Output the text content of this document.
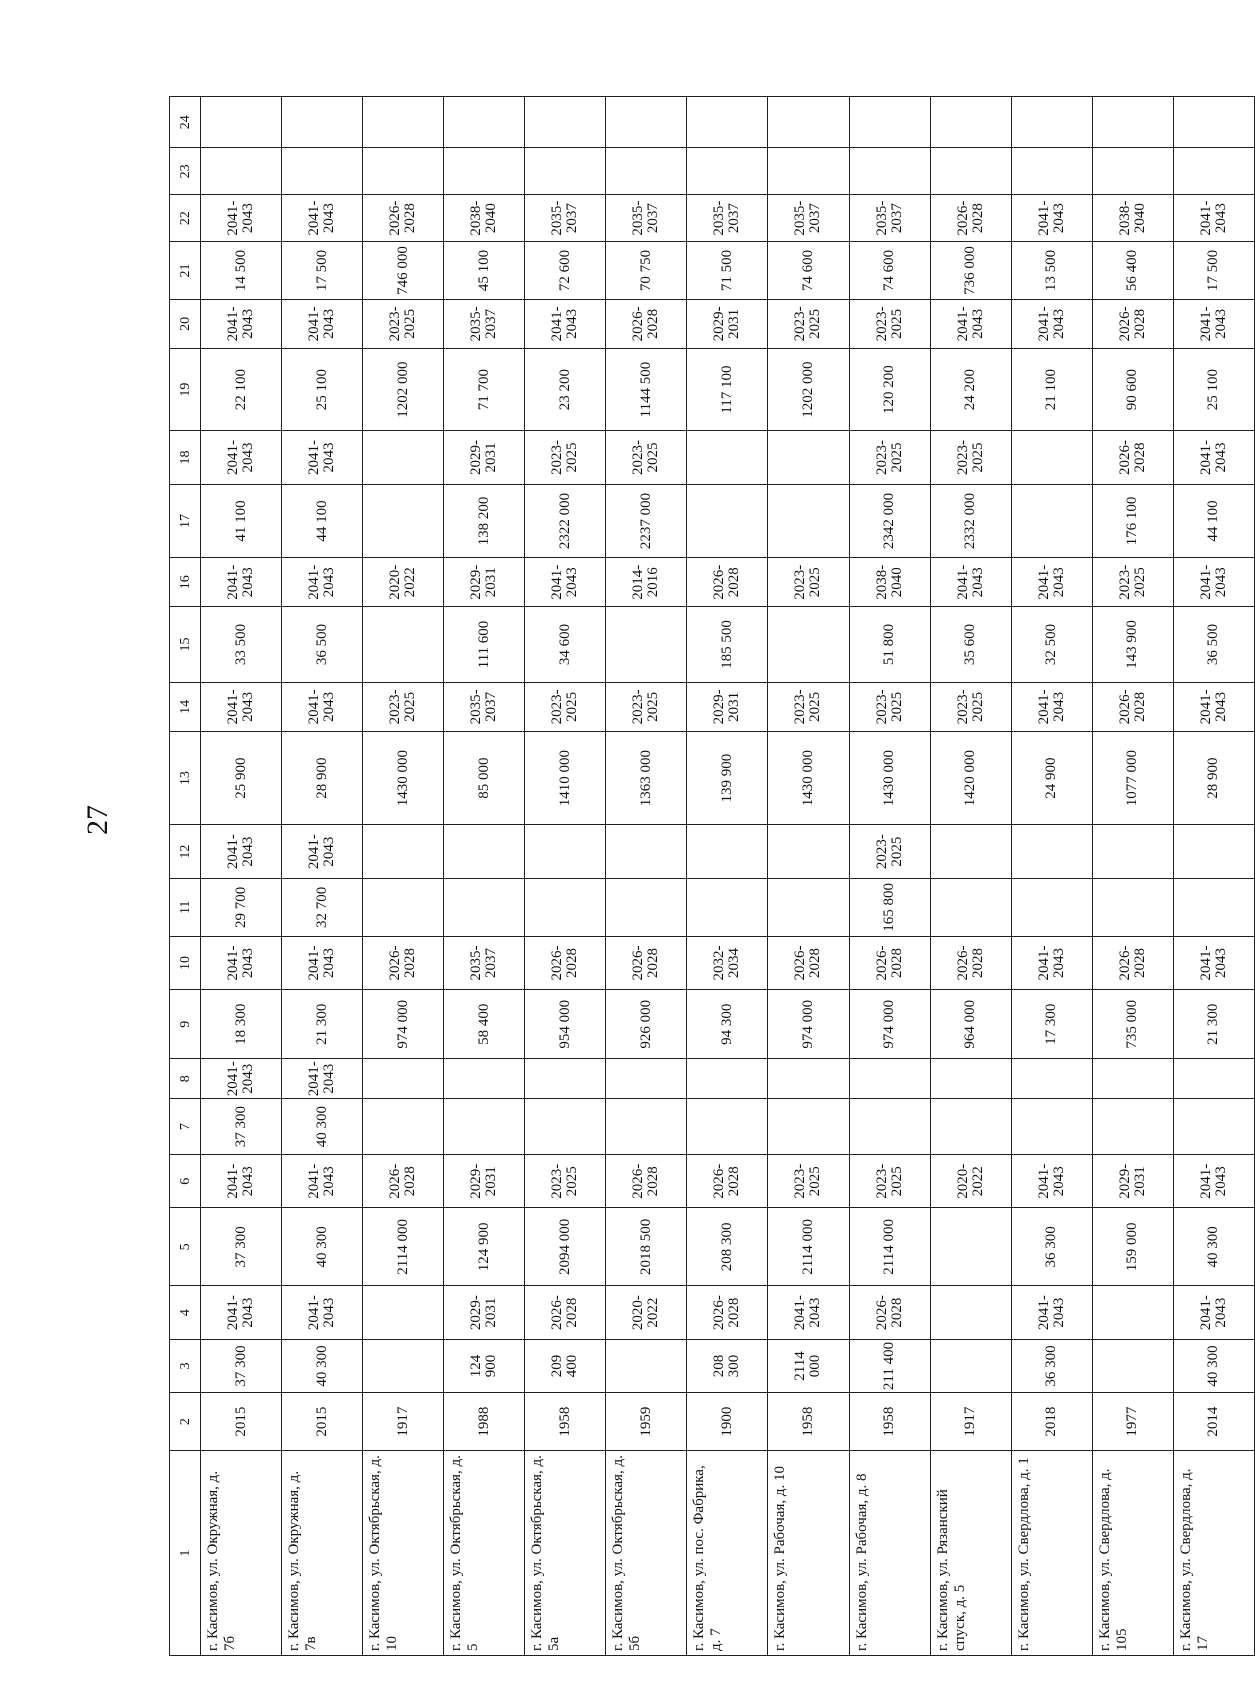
27
1	2	3	4	5	6	7	8	9	10	11	12	13	14	15	16	17	18	19	20	21	22	23	24
г. Касимов, ул. Окружная, д. 7б	2015	37 300	2041-2043	37 300	2041-2043	37 300	2041-2043	18 300	2041-2043	29 700	2041-2043	25 900	2041-2043	33 500	2041-2043	41 100	2041-2043	22 100	2041-2043	14 500	2041-2043		
г. Касимов, ул. Окружная, д. 7в	2015	40 300	2041-2043	40 300	2041-2043	40 300	2041-2043	21 300	2041-2043	32 700	2041-2043	28 900	2041-2043	36 500	2041-2043	44 100	2041-2043	25 100	2041-2043	17 500	2041-2043		
г. Касимов, ул. Октябрьская, д. 10	1917			2114 000	2026-2028			974 000	2026-2028			1430 000	2023-2025		2020-2022			1202 000	2023-2025	746 000	2026-2028		
г. Касимов, ул. Октябрьская, д. 5	1988	124 900	2029-2031	124 900	2029-2031			58 400	2035-2037			85 000	2035-2037	111 600	2029-2031	138 200	2029-2031	71 700	2035-2037	45 100	2038-2040		
г. Касимов, ул. Октябрьская, д. 5а	1958	209 400	2026-2028	2094 000	2023-2025			954 000	2026-2028			1410 000	2023-2025	34 600	2041-2043	2322 000	2023-2025	23 200	2041-2043	72 600	2035-2037		
г. Касимов, ул. Октябрьская, д. 5б	1959		2020-2022	2018 500	2026-2028			926 000	2026-2028			1363 000	2023-2025		2014-2016	2237 000	2023-2025	1144 500	2026-2028	70 750	2035-2037		
г. Касимов, ул. пос. Фабрика, д. 7	1900	208 300	2026-2028	208 300	2026-2028			94 300	2032-2034			139 900	2029-2031	185 500	2026-2028			117 100	2029-2031	71 500	2035-2037		
г. Касимов, ул. Рабочая, д. 10	1958	2114 000	2041-2043	2114 000	2023-2025			974 000	2026-2028			1430 000	2023-2025		2023-2025			1202 000	2023-2025	74 600	2035-2037		
г. Касимов, ул. Рабочая, д. 8	1958	211 400	2026-2028	2114 000	2023-2025			974 000	2026-2028	165 800	2023-2025	1430 000	2023-2025	51 800	2038-2040	2342 000	2023-2025	120 200	2023-2025	74 600	2035-2037		
г. Касимов, ул. Рязанский спуск, д. 5	1917				2020-2022			964 000	2026-2028			1420 000	2023-2025	35 600	2041-2043	2332 000	2023-2025	24 200	2041-2043	736 000	2026-2028		
г. Касимов, ул. Свердлова, д. 1	2018	36 300	2041-2043	36 300	2041-2043			17 300	2041-2043			24 900	2041-2043	32 500	2041-2043			21 100	2041-2043	13 500	2041-2043		
г. Касимов, ул. Свердлова, д. 105	1977			159 000	2029-2031			735 000	2026-2028			1077 000	2026-2028	143 900	2023-2025	176 100	2026-2028	90 600	2026-2028	56 400	2038-2040		
г. Касимов, ул. Свердлова, д. 17	2014	40 300	2041-2043	40 300	2041-2043			21 300	2041-2043			28 900	2041-2043	36 500	2041-2043	44 100	2041-2043	25 100	2041-2043	17 500	2041-2043		
